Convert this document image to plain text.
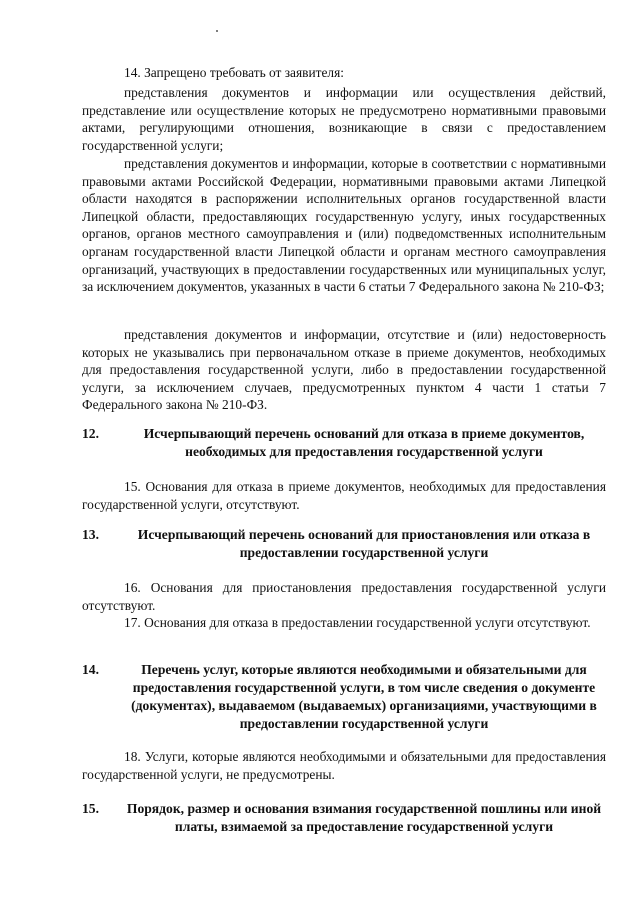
14. Запрещено требовать от заявителя:

представления документов и информации или осуществления действий, представление или осуществление которых не предусмотрено нормативными правовыми актами, регулирующими отношения, возникающие в связи с предоставлением государственной услуги;

представления документов и информации, которые в соответствии с нормативными правовыми актами Российской Федерации, нормативными правовыми актами Липецкой области находятся в распоряжении исполнительных органов государственной власти Липецкой области, предоставляющих государственную услугу, иных государственных органов, органов местного самоуправления и (или) подведомственных исполнительным органам государственной власти Липецкой области и органам местного самоуправления организаций, участвующих в предоставлении государственных или муниципальных услуг, за исключением документов, указанных в части 6 статьи 7 Федерального закона № 210-ФЗ;

представления документов и информации, отсутствие и (или) недостоверность которых не указывались при первоначальном отказе в приеме документов, необходимых для предоставления государственной услуги, либо в предоставлении государственной услуги, за исключением случаев, предусмотренных пунктом 4 части 1 статьи 7 Федерального закона № 210-ФЗ.

12.	Исчерпывающий перечень оснований для отказа в приеме документов, необходимых для предоставления государственной услуги

15. Основания для отказа в приеме документов, необходимых для предоставления государственной услуги, отсутствуют.

13.	Исчерпывающий перечень оснований для приостановления или отказа в предоставлении государственной услуги

16. Основания для приостановления предоставления государственной услуги отсутствуют.

17. Основания для отказа в предоставлении государственной услуги отсутствуют.

14.	Перечень услуг, которые являются необходимыми и обязательными для предоставления государственной услуги, в том числе сведения о документе (документах), выдаваемом (выдаваемых) организациями, участвующими в предоставлении государственной услуги

18. Услуги, которые являются необходимыми и обязательными для предоставления государственной услуги, не предусмотрены.

15.	Порядок, размер и основания взимания государственной пошлины или иной платы, взимаемой за предоставление государственной услуги
